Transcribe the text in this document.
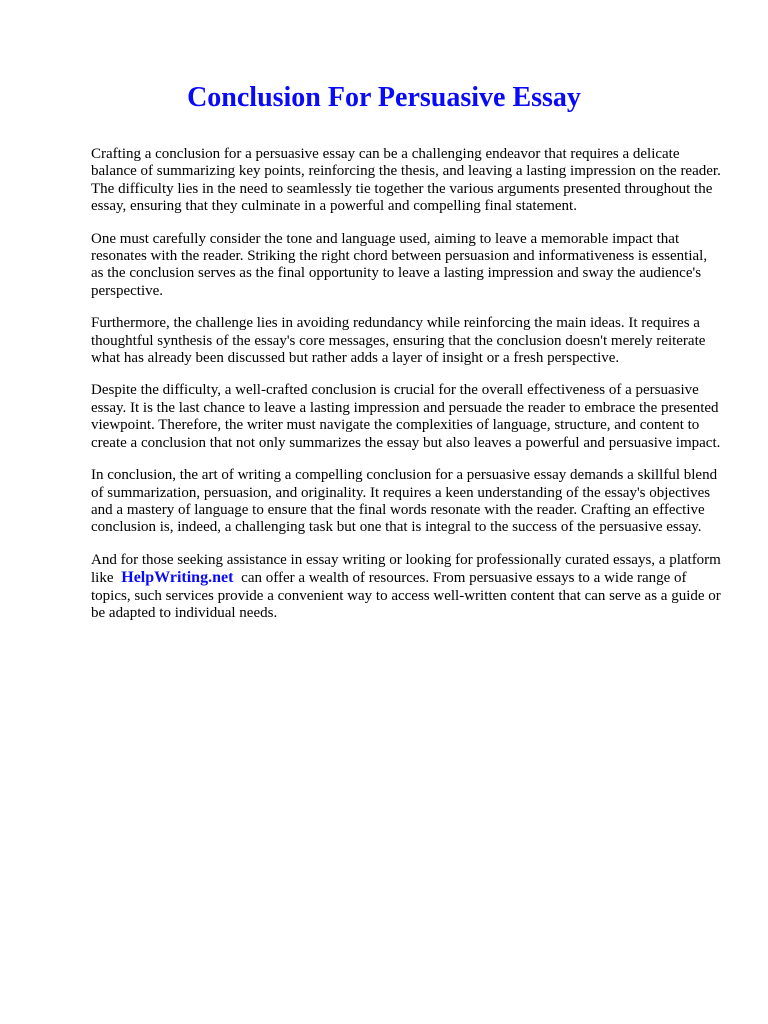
Conclusion For Persuasive Essay

Crafting a conclusion for a persuasive essay can be a challenging endeavor that requires a delicate balance of summarizing key points, reinforcing the thesis, and leaving a lasting impression on the reader. The difficulty lies in the need to seamlessly tie together the various arguments presented throughout the essay, ensuring that they culminate in a powerful and compelling final statement.

One must carefully consider the tone and language used, aiming to leave a memorable impact that resonates with the reader. Striking the right chord between persuasion and informativeness is essential, as the conclusion serves as the final opportunity to leave a lasting impression and sway the audience's perspective.

Furthermore, the challenge lies in avoiding redundancy while reinforcing the main ideas. It requires a thoughtful synthesis of the essay's core messages, ensuring that the conclusion doesn't merely reiterate what has already been discussed but rather adds a layer of insight or a fresh perspective.

Despite the difficulty, a well-crafted conclusion is crucial for the overall effectiveness of a persuasive essay. It is the last chance to leave a lasting impression and persuade the reader to embrace the presented viewpoint. Therefore, the writer must navigate the complexities of language, structure, and content to create a conclusion that not only summarizes the essay but also leaves a powerful and persuasive impact.

In conclusion, the art of writing a compelling conclusion for a persuasive essay demands a skillful blend of summarization, persuasion, and originality. It requires a keen understanding of the essay's objectives and a mastery of language to ensure that the final words resonate with the reader. Crafting an effective conclusion is, indeed, a challenging task but one that is integral to the success of the persuasive essay.

And for those seeking assistance in essay writing or looking for professionally curated essays, a platform like HelpWriting.net can offer a wealth of resources. From persuasive essays to a wide range of topics, such services provide a convenient way to access well-written content that can serve as a guide or be adapted to individual needs.
